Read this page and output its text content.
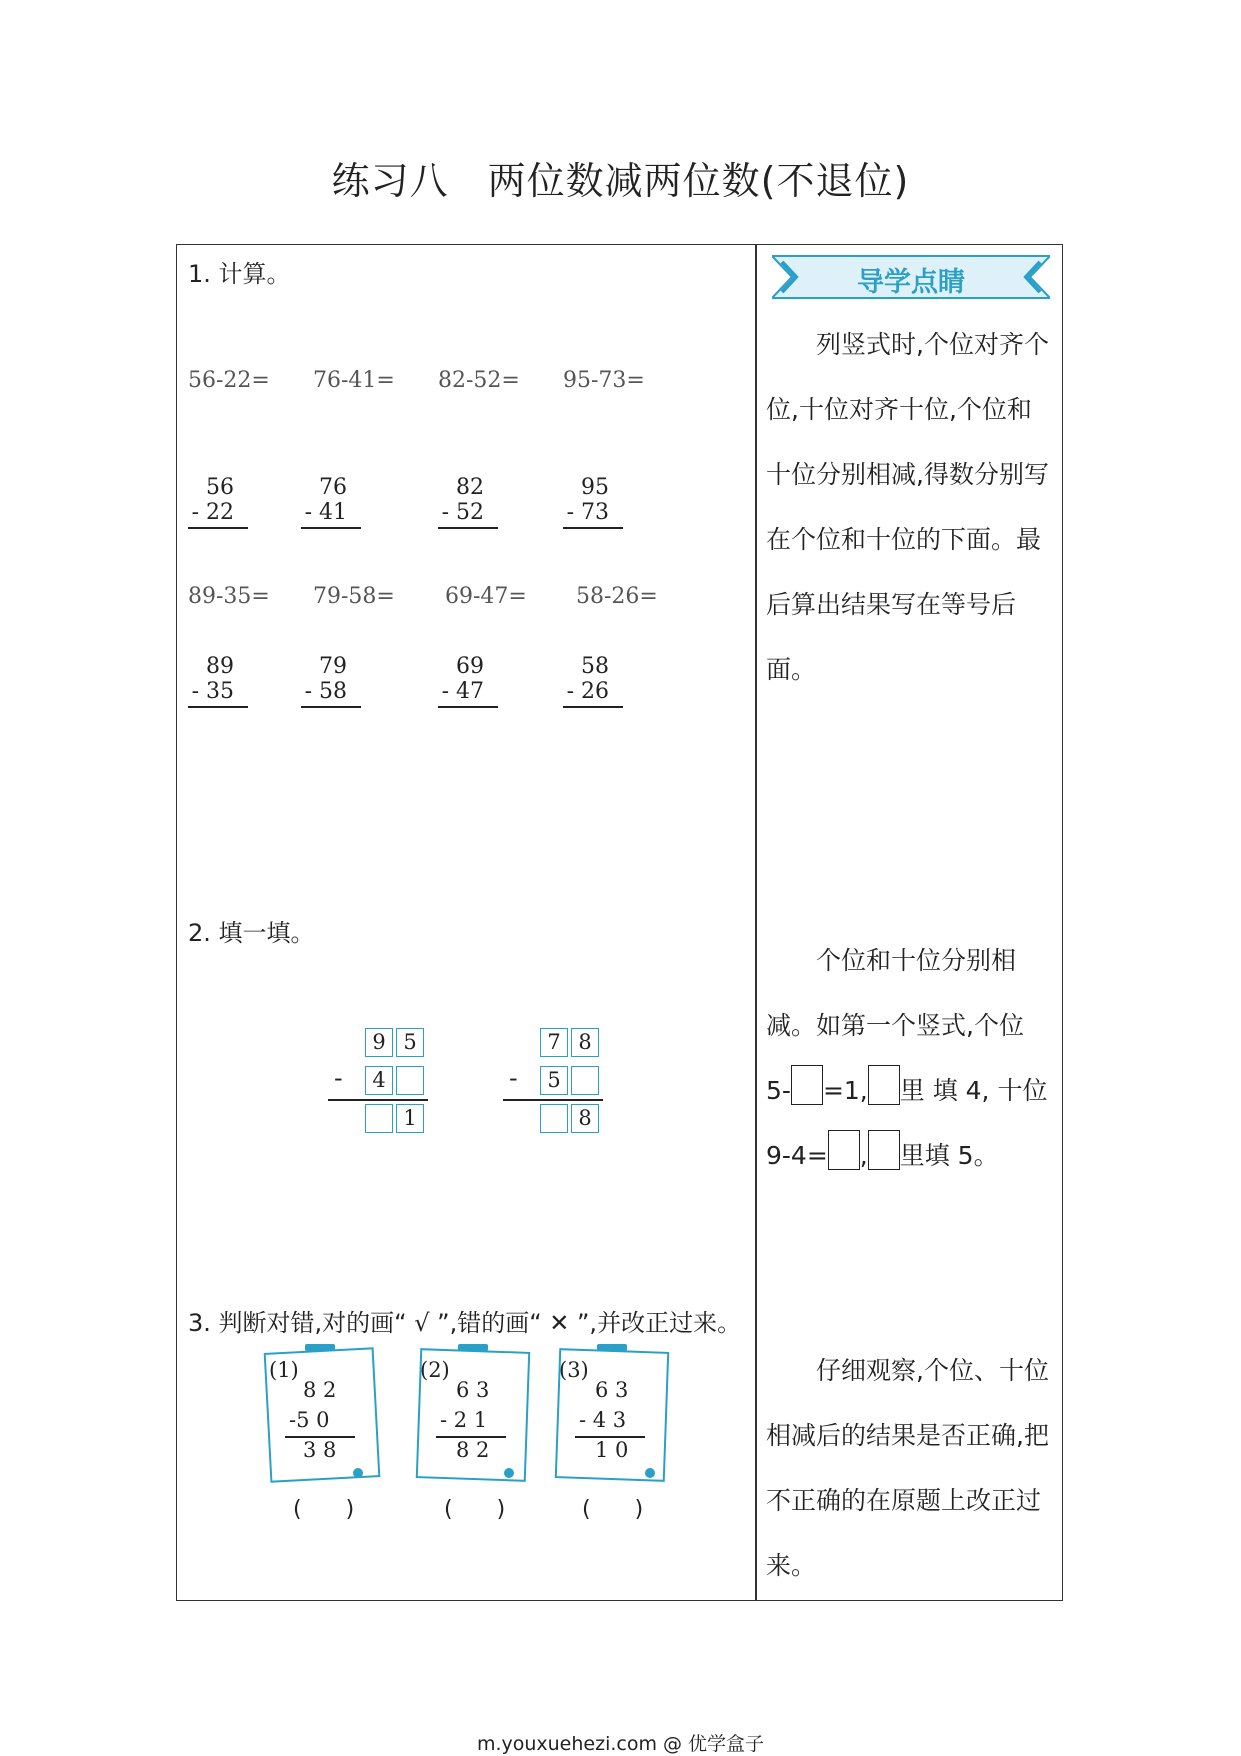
练习八　两位数减两位数(不退位)
1. 计算。
56-22= 76-41= 82-52= 95-73=
56
- 22
76
- 41
82
- 52
95
- 73
89-35= 79-58= 69-47= 58-26=
89
- 35
79
- 58
69
- 47
58
- 26
2. 填一填。
9 5
-	4
1
7 8
-	5
8
3. 判断对错,对的画“ √ ”,错的画“ ✕ ”,并改正过来。
(1)
8 2
-5 0
3 8
(　　)
(2)
6 3
- 2 1
8 2
(　　)
(3)
6 3
- 4 3
1 0
(　　)
导学点睛
　　列竖式时,个位对齐个
位,十位对齐十位,个位和
十位分别相减,得数分别写
在个位和十位的下面。最
后算出结果写在等号后
面。
　　个位和十位分别相
减。如第一个竖式,个位
5- =1, 里 填 4, 十位
9-4= , 里填 5。
　　仔细观察,个位、十位
相减后的结果是否正确,把
不正确的在原题上改正过
来。
m.youxuehezi.com @ 优学盒子
